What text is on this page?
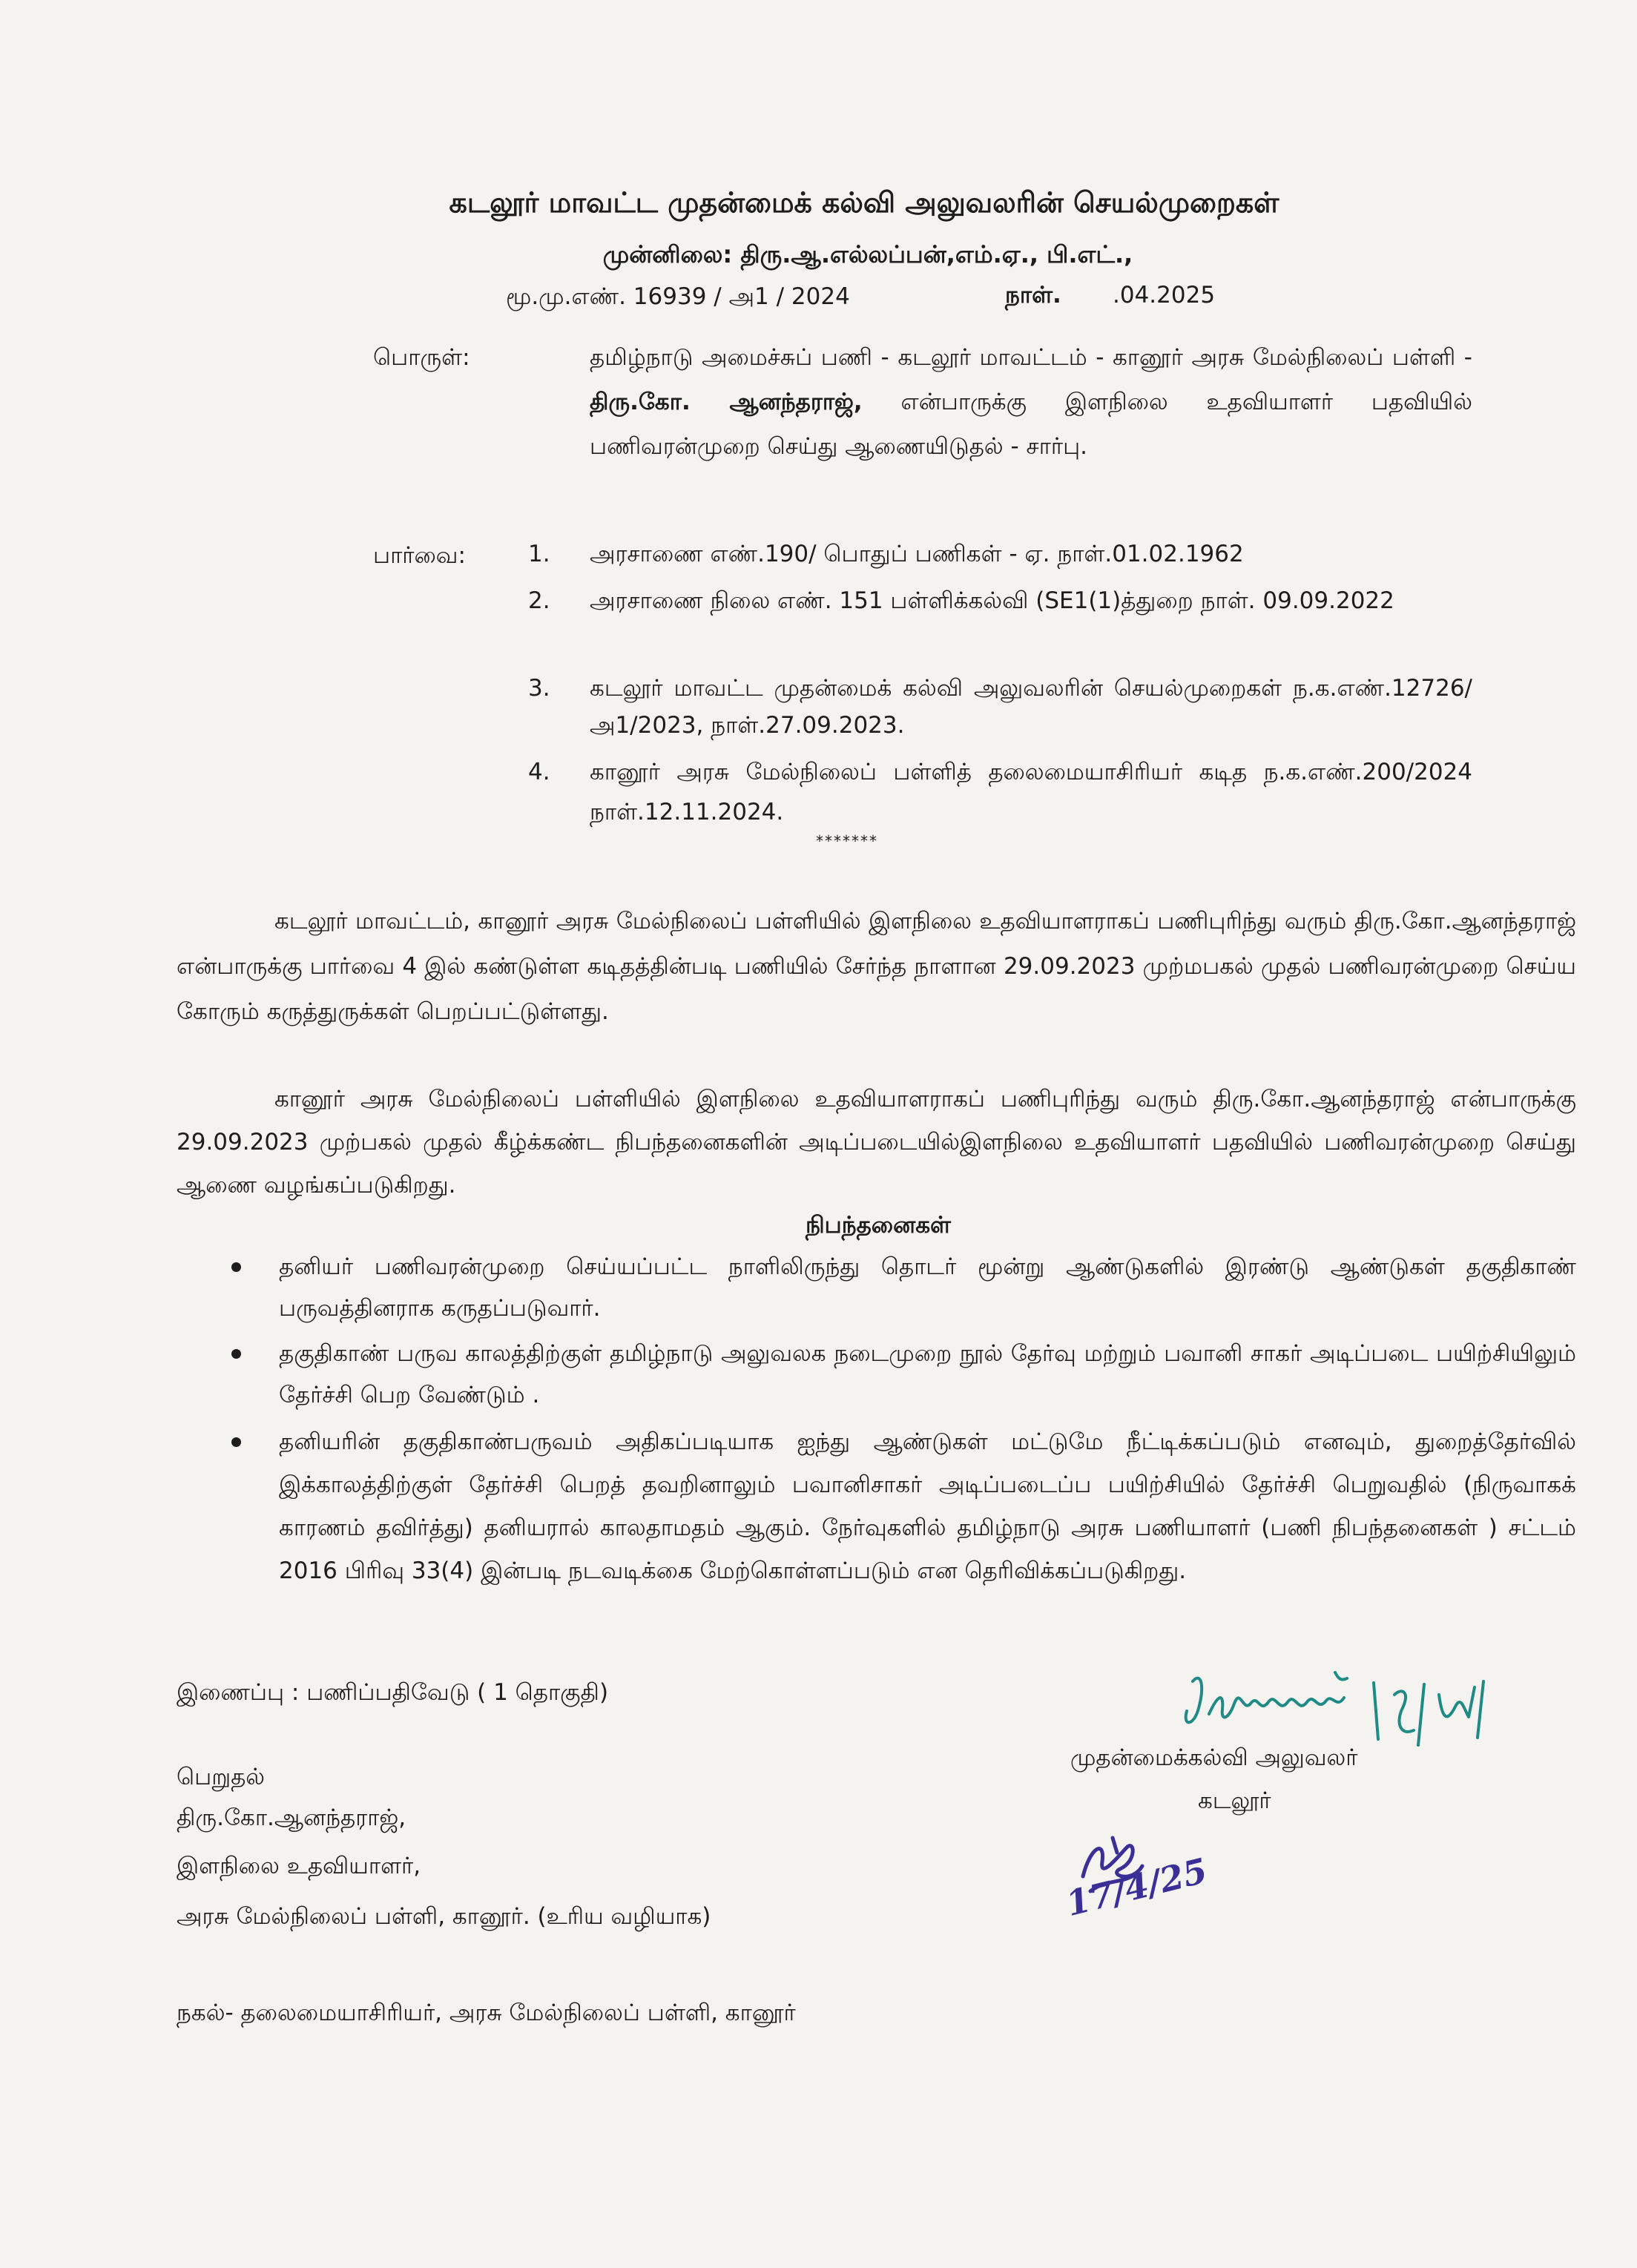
கடலூர் மாவட்ட முதன்மைக் கல்வி அலுவலரின் செயல்முறைகள்
முன்னிலை: திரு.ஆ.எல்லப்பன்,எம்.ஏ., பி.எட்.,
மூ.மு.எண். 16939 / அ1 / 2024	நாள். .04.2025
பொருள்:	தமிழ்நாடு அமைச்சுப் பணி - கடலூர் மாவட்டம் - கானூர் அரசு மேல்நிலைப் பள்ளி - திரு.கோ. ஆனந்தராஜ், என்பாருக்கு இளநிலை உதவியாளர் பதவியில் பணிவரன்முறை செய்து ஆணையிடுதல் - சார்பு.
பார்வை:	1. அரசாணை எண்.190/ பொதுப் பணிகள் - ஏ. நாள்.01.02.1962
2. அரசாணை நிலை எண். 151 பள்ளிக்கல்வி (SE1(1)த்துறை நாள். 09.09.2022
3. கடலூர் மாவட்ட முதன்மைக் கல்வி அலுவலரின் செயல்முறைகள் ந.க.எண்.12726/அ1/2023, நாள்.27.09.2023.
4. கானூர் அரசு மேல்நிலைப் பள்ளித் தலைமையாசிரியர் கடித ந.க.எண்.200/2024 நாள்.12.11.2024.
*******
கடலூர் மாவட்டம், கானூர் அரசு மேல்நிலைப் பள்ளியில் இளநிலை உதவியாளராகப் பணிபுரிந்து வரும் திரு.கோ.ஆனந்தராஜ் என்பாருக்கு பார்வை 4 இல் கண்டுள்ள கடிதத்தின்படி பணியில் சேர்ந்த நாளான 29.09.2023 முற்மபகல் முதல் பணிவரன்முறை செய்ய கோரும் கருத்துருக்கள் பெறப்பட்டுள்ளது.
கானூர் அரசு மேல்நிலைப் பள்ளியில் இளநிலை உதவியாளராகப் பணிபுரிந்து வரும் திரு.கோ.ஆனந்தராஜ் என்பாருக்கு 29.09.2023 முற்பகல் முதல் கீழ்க்கண்ட நிபந்தனைகளின் அடிப்படையில்இளநிலை உதவியாளர் பதவியில் பணிவரன்முறை செய்து ஆணை வழங்கப்படுகிறது.
நிபந்தனைகள்
தனியர் பணிவரன்முறை செய்யப்பட்ட நாளிலிருந்து தொடர் மூன்று ஆண்டுகளில் இரண்டு ஆண்டுகள் தகுதிகாண் பருவத்தினராக கருதப்படுவார்.
தகுதிகாண் பருவ காலத்திற்குள் தமிழ்நாடு அலுவலக நடைமுறை நூல் தேர்வு மற்றும் பவானி சாகர் அடிப்படை பயிற்சியிலும் தேர்ச்சி பெற வேண்டும் .
தனியரின் தகுதிகாண்பருவம் அதிகப்படியாக ஐந்து ஆண்டுகள் மட்டுமே நீட்டிக்கப்படும் எனவும், துறைத்தேர்வில் இக்காலத்திற்குள் தேர்ச்சி பெறத் தவறினாலும் பவானிசாகர் அடிப்படைப்ப பயிற்சியில் தேர்ச்சி பெறுவதில் (நிருவாகக் காரணம் தவிர்த்து) தனியரால் காலதாமதம் ஆகும். நேர்வுகளில் தமிழ்நாடு அரசு பணியாளர் (பணி நிபந்தனைகள் ) சட்டம் 2016 பிரிவு 33(4) இன்படி நடவடிக்கை மேற்கொள்ளப்படும் என தெரிவிக்கப்படுகிறது.
இணைப்பு : பணிப்பதிவேடு ( 1 தொகுதி)
முதன்மைக்கல்வி அலுவலர்
கடலூர்
17/4/25
பெறுதல்
திரு.கோ.ஆனந்தராஜ்,
இளநிலை உதவியாளர்,
அரசு மேல்நிலைப் பள்ளி, கானூர். (உரிய வழியாக)
நகல்- தலைமையாசிரியர், அரசு மேல்நிலைப் பள்ளி, கானூர்
